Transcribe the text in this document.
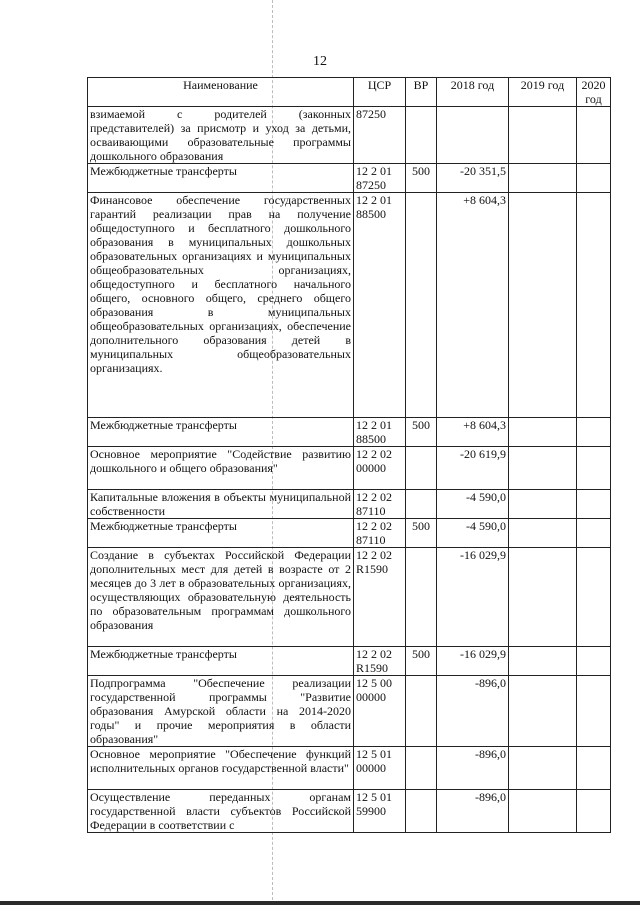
12
Наименование	ЦСР	ВР	2018 год	2019 год	2020 год
взимаемой с родителей (законных представителей) за присмотр и уход за детьми, осваивающими образовательные программы дошкольного образования	87250				
Межбюджетные трансферты	12 2 01 87250	500	-20 351,5		
Финансовое обеспечение государственных гарантий реализации прав на получение общедоступного и бесплатного дошкольного образования в муниципальных дошкольных образовательных организациях и муниципальных общеобразовательных организациях, общедоступного и бесплатного начального общего, основного общего, среднего общего образования в муниципальных общеобразовательных организациях, обеспечение дополнительного образования детей в муниципальных общеобразовательных организациях.	12 2 01 88500		+8 604,3		
Межбюджетные трансферты	12 2 01 88500	500	+8 604,3		
Основное мероприятие "Содействие развитию дошкольного и общего образования"	12 2 02 00000		-20 619,9		
Капитальные вложения в объекты муниципальной собственности	12 2 02 87110		-4 590,0		
Межбюджетные трансферты	12 2 02 87110	500	-4 590,0		
Создание в субъектах Российской Федерации дополнительных мест для детей в возрасте от 2 месяцев до 3 лет в образовательных организациях, осуществляющих образовательную деятельность по образовательным программам дошкольного образования	12 2 02 R1590		-16 029,9		
Межбюджетные трансферты	12 2 02 R1590	500	-16 029,9		
Подпрограмма "Обеспечение реализации государственной программы "Развитие образования Амурской области на 2014-2020 годы" и прочие мероприятия в области образования"	12 5 00 00000		-896,0		
Основное мероприятие "Обеспечение функций исполнительных органов государственной власти"	12 5 01 00000		-896,0		
Осуществление переданных органам государственной власти субъектов Российской Федерации в соответствии с	12 5 01 59900		-896,0		
